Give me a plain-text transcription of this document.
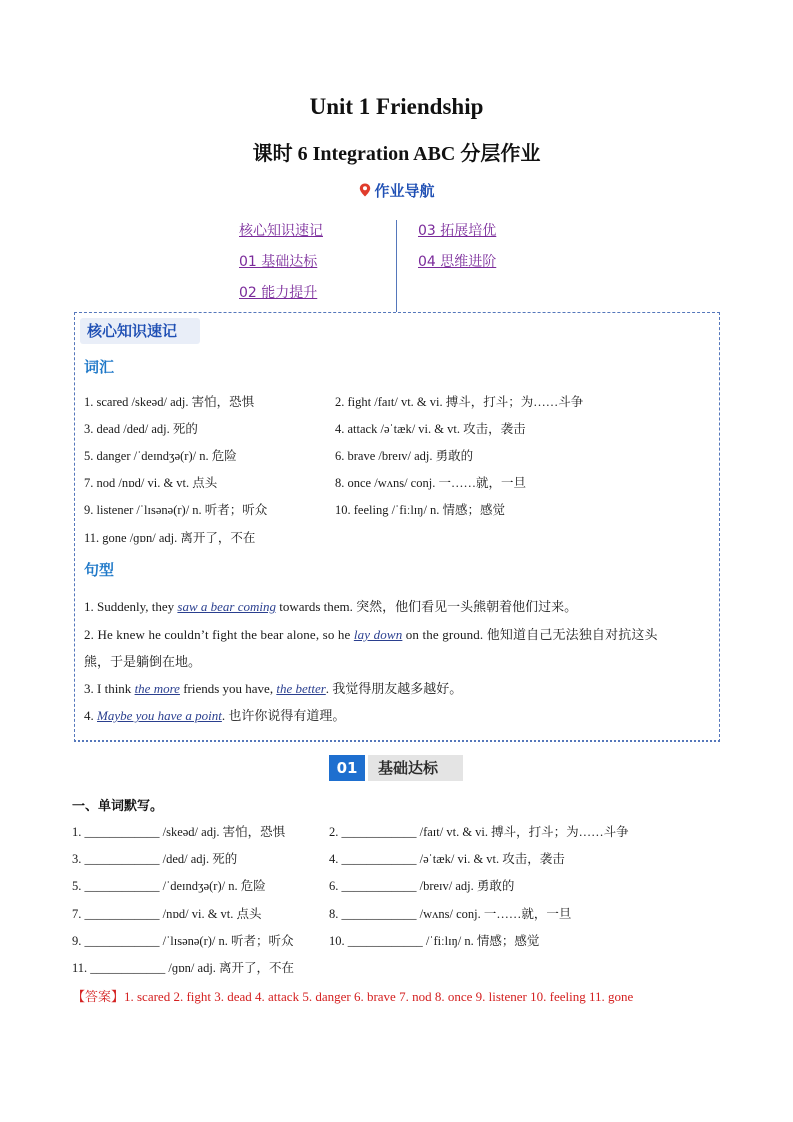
Unit 1 Friendship
课时 6 Integration ABC 分层作业
作业导航
核心知识速记
01 基础达标
02 能力提升
03 拓展培优
04 思维进阶
核心知识速记
词汇
1. scared /skeəd/ adj. 害怕，恐惧	2. fight /faɪt/ vt. & vi. 搏斗，打斗；为……斗争
3. dead /ded/ adj. 死的	4. attack /əˈtæk/ vi. & vt. 攻击，袭击
5. danger /ˈdeɪndʒə(r)/ n. 危险	6. brave /breɪv/ adj. 勇敢的
7. nod /nɒd/ vi. & vt. 点头	8. once /wʌns/ conj. 一……就，一旦
9. listener /ˈlɪsənə(r)/ n. 听者；听众	10. feeling /ˈfiːlɪŋ/ n. 情感；感觉
11. gone /ɡɒn/ adj. 离开了，不在
句型
1. Suddenly, they saw a bear coming towards them. 突然，他们看见一头熊朝着他们过来。
2. He knew he couldn’t fight the bear alone, so he lay down on the ground. 他知道自己无法独自对抗这头
熊，于是躺倒在地。
3. I think the more friends you have, the better. 我觉得朋友越多越好。
4. Maybe you have a point. 也许你说得有道理。
01	基础达标
一、单词默写。
1. ____________ /skeəd/ adj. 害怕，恐惧	2. ____________ /faɪt/ vt. & vi. 搏斗，打斗；为……斗争
3. ____________ /ded/ adj. 死的	4. ____________ /əˈtæk/ vi. & vt. 攻击，袭击
5. ____________ /ˈdeɪndʒə(r)/ n. 危险	6. ____________ /breɪv/ adj. 勇敢的
7. ____________ /nɒd/ vi. & vt. 点头	8. ____________ /wʌns/ conj. 一……就，一旦
9. ____________ /ˈlɪsənə(r)/ n. 听者；听众	10. ____________ /ˈfiːlɪŋ/ n. 情感；感觉
11. ____________ /ɡɒn/ adj. 离开了，不在
【答案】1. scared 2. fight 3. dead 4. attack 5. danger 6. brave 7. nod 8. once 9. listener 10. feeling 11. gone
